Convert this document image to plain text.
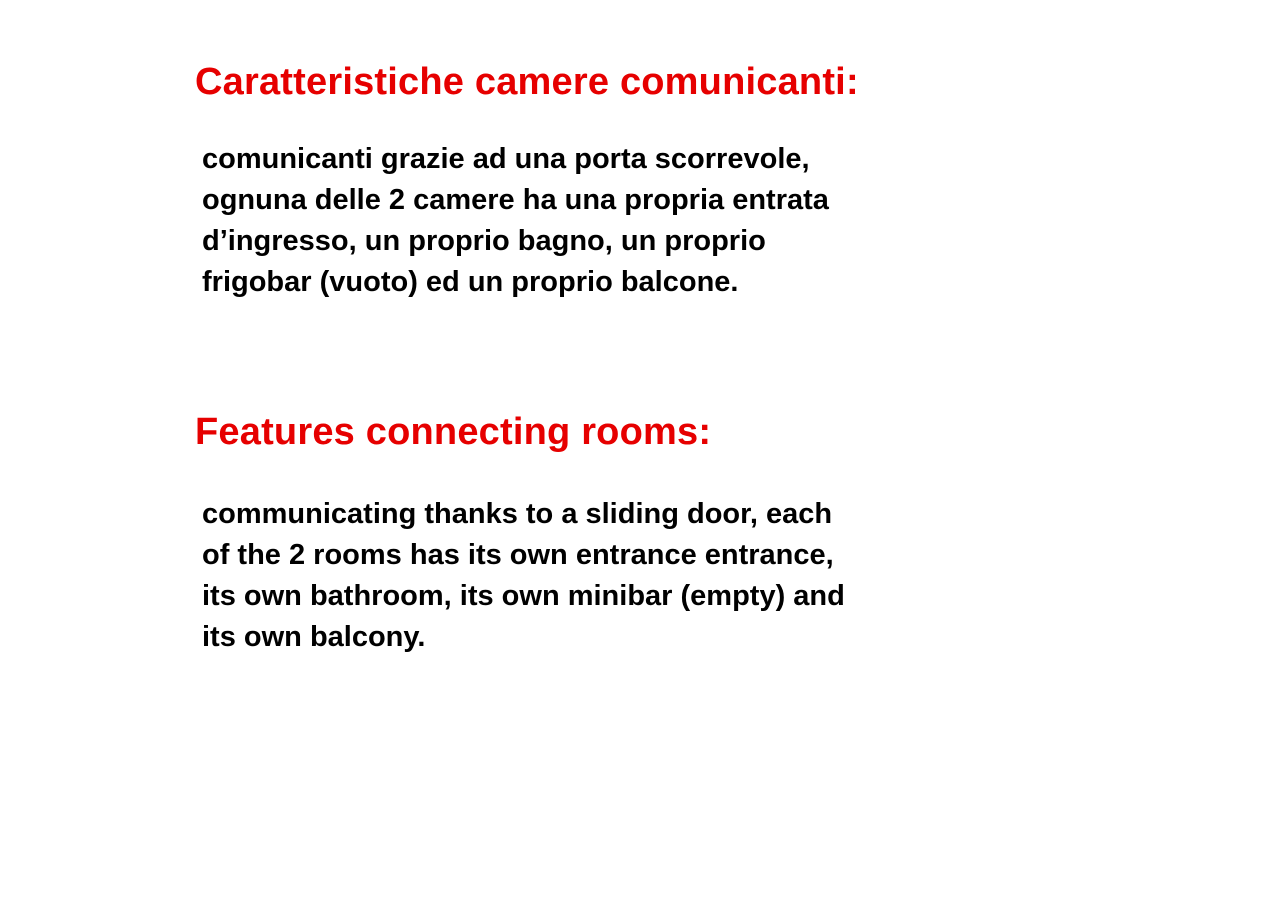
Caratteristiche camere comunicanti:
comunicanti grazie ad una porta scorrevole,
ognuna delle 2 camere ha una propria entrata
d’ingresso, un proprio bagno, un proprio
frigobar (vuoto) ed un proprio balcone.
Features connecting rooms:
communicating thanks to a sliding door, each
of the 2 rooms has its own entrance entrance,
its own bathroom, its own minibar (empty) and
its own balcony.
